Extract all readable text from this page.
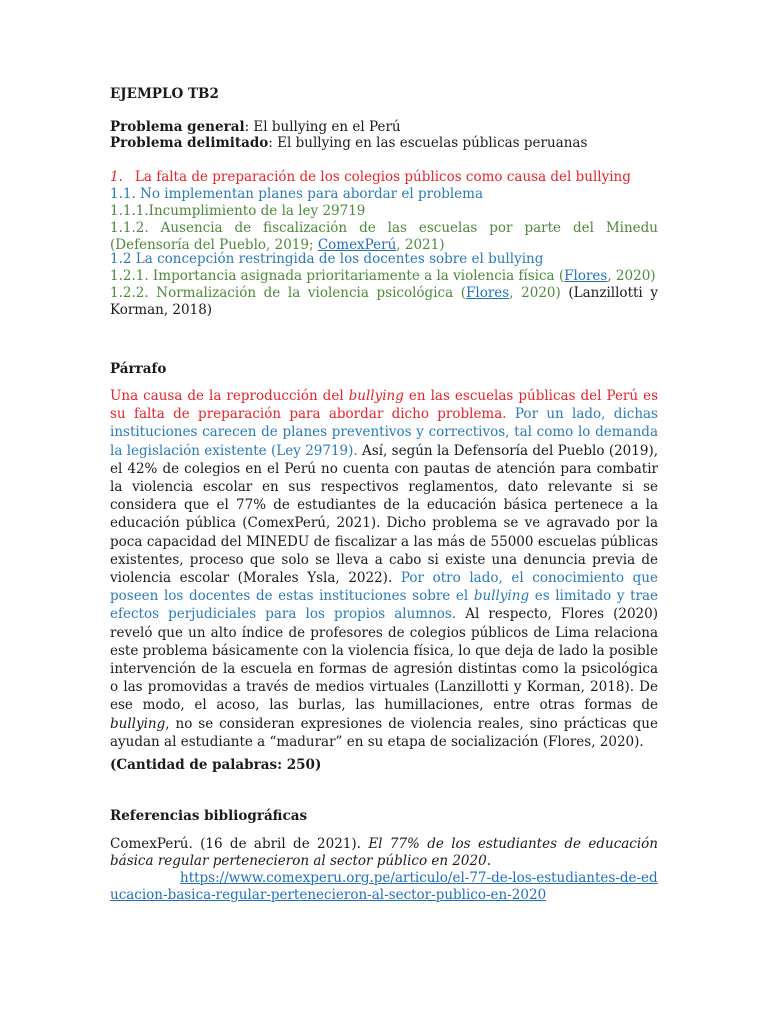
EJEMPLO TB2
Problema general: El bullying en el Perú
Problema delimitado: El bullying en las escuelas públicas peruanas
1. La falta de preparación de los colegios públicos como causa del bullying
1.1. No implementan planes para abordar el problema
1.1.1.Incumplimiento de la ley 29719
1.1.2. Ausencia de fiscalización de las escuelas por parte del Minedu (Defensoría del Pueblo, 2019; ComexPerú, 2021)
1.2 La concepción restringida de los docentes sobre el bullying
1.2.1. Importancia asignada prioritariamente a la violencia física (Flores, 2020)
1.2.2. Normalización de la violencia psicológica (Flores, 2020) (Lanzillotti y Korman, 2018)
Párrafo
Una causa de la reproducción del bullying en las escuelas públicas del Perú es su falta de preparación para abordar dicho problema. Por un lado, dichas instituciones carecen de planes preventivos y correctivos, tal como lo demanda la legislación existente (Ley 29719). Así, según la Defensoría del Pueblo (2019), el 42% de colegios en el Perú no cuenta con pautas de atención para combatir la violencia escolar en sus respectivos reglamentos, dato relevante si se considera que el 77% de estudiantes de la educación básica pertenece a la educación pública (ComexPerú, 2021). Dicho problema se ve agravado por la poca capacidad del MINEDU de fiscalizar a las más de 55000 escuelas públicas existentes, proceso que solo se lleva a cabo si existe una denuncia previa de violencia escolar (Morales Ysla, 2022). Por otro lado, el conocimiento que poseen los docentes de estas instituciones sobre el bullying es limitado y trae efectos perjudiciales para los propios alumnos. Al respecto, Flores (2020) reveló que un alto índice de profesores de colegios públicos de Lima relaciona este problema básicamente con la violencia física, lo que deja de lado la posible intervención de la escuela en formas de agresión distintas como la psicológica o las promovidas a través de medios virtuales (Lanzillotti y Korman, 2018). De ese modo, el acoso, las burlas, las humillaciones, entre otras formas de bullying, no se consideran expresiones de violencia reales, sino prácticas que ayudan al estudiante a “madurar” en su etapa de socialización (Flores, 2020).
(Cantidad de palabras: 250)
Referencias bibliográficas
ComexPerú. (16 de abril de 2021). El 77% de los estudiantes de educación básica regular pertenecieron al sector público en 2020.
https://www.comexperu.org.pe/articulo/el-77-de-los-estudiantes-de-educacion-basica-regular-pertenecieron-al-sector-publico-en-2020
